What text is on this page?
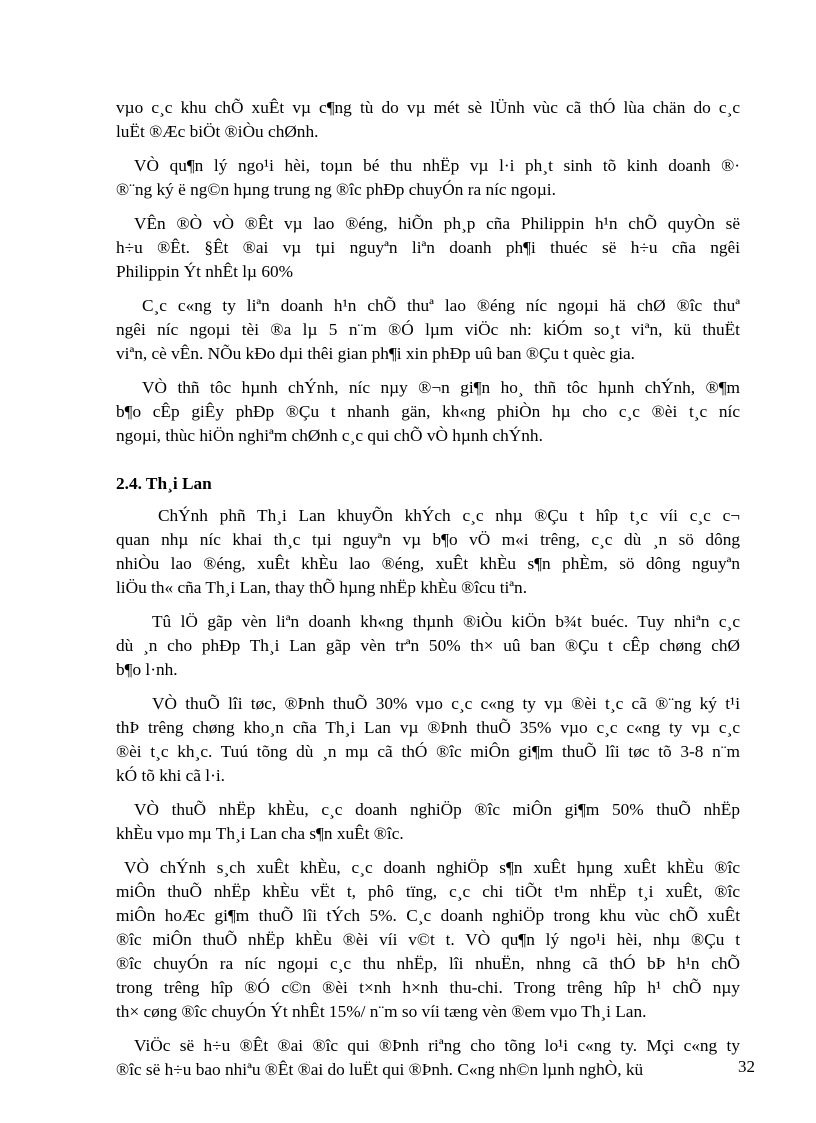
vµo c¸c khu chÕ xuÊt vµ c¶ng tù do vµ mét sè lÜnh vùc cã thÓ lùa chän do c¸c
luËt ®Æc biÖt ®iÒu chØnh.
VÒ qu¶n lý ngo¹i hèi, toµn bé thu nhËp vµ l·i ph¸t sinh tõ kinh doanh ®·
®¨ng ký ë ng©n hµng trung ng ®îc phÐp chuyÓn ra níc ngoµi.
VÊn ®Ò vÒ ®Êt vµ lao ®éng, hiÕn ph¸p cña Philippin h¹n chÕ quyÒn së
h÷u ®Êt. §Êt ®ai vµ tµi nguyªn liªn doanh ph¶i thuéc së h÷u cña ngêi
Philippin Ýt nhÊt lµ 60%
C¸c c«ng ty liªn doanh h¹n chÕ thuª lao ®éng níc ngoµi hä chØ ®îc thuª
ngêi níc ngoµi tèi ®a lµ 5 n¨m ®Ó lµm viÖc nh: kiÓm so¸t viªn, kü thuËt
viªn, cè vÊn. NÕu kÐo dµi thêi gian ph¶i xin phÐp uû ban ®Çu t quèc gia.
VÒ thñ tôc hµnh chÝnh, níc nµy ®¬n gi¶n ho¸ thñ tôc hµnh chÝnh, ®¶m
b¶o cÊp giÊy phÐp ®Çu t nhanh gän, kh«ng phiÒn hµ cho c¸c ®èi t¸c níc
ngoµi, thùc hiÖn nghiªm chØnh c¸c qui chÕ vÒ hµnh chÝnh.
2.4. Th¸i Lan
ChÝnh phñ Th¸i Lan khuyÕn khÝch c¸c nhµ ®Çu t hîp t¸c víi c¸c c¬
quan nhµ níc khai th¸c tµi nguyªn vµ b¶o vÖ m«i trêng, c¸c dù ¸n sö dông
nhiÒu lao ®éng, xuÊt khÈu lao ®éng, xuÊt khÈu s¶n phÈm, sö dông nguyªn
liÖu th« cña Th¸i Lan, thay thÕ hµng nhËp khÈu ®îcu tiªn.
Tû lÖ gãp vèn liªn doanh kh«ng thµnh ®iÒu kiÖn b¾t buéc. Tuy nhiªn c¸c
dù ¸n cho phÐp Th¸i Lan gãp vèn trªn 50% th× uû ban ®Çu t cÊp chøng chØ
b¶o l·nh.
VÒ thuÕ lîi tøc, ®Þnh thuÕ 30% vµo c¸c c«ng ty vµ ®èi t¸c cã ®¨ng ký t¹i
thÞ trêng chøng kho¸n cña Th¸i Lan vµ ®Þnh thuÕ 35% vµo c¸c c«ng ty vµ c¸c
®èi t¸c kh¸c. Tuú tõng dù ¸n mµ cã thÓ ®îc miÔn gi¶m thuÕ lîi tøc tõ 3-8 n¨m
kÓ tõ khi cã l·i.
VÒ thuÕ nhËp khÈu, c¸c doanh nghiÖp ®îc miÔn gi¶m 50% thuÕ nhËp
khÈu vµo mµ Th¸i Lan cha s¶n xuÊt ®îc.
VÒ chÝnh s¸ch xuÊt khÈu, c¸c doanh nghiÖp s¶n xuÊt hµng xuÊt khÈu ®îc
miÔn thuÕ nhËp khÈu vËt t, phô tïng, c¸c chi tiÕt t¹m nhËp t¸i xuÊt, ®îc
miÔn hoÆc gi¶m thuÕ lîi tÝch 5%. C¸c doanh nghiÖp trong khu vùc chÕ xuÊt
®îc miÔn thuÕ nhËp khÈu ®èi víi v©t t. VÒ qu¶n lý ngo¹i hèi, nhµ ®Çu t
®îc chuyÓn ra níc ngoµi c¸c thu nhËp, lîi nhuËn, nhng cã thÓ bÞ h¹n chÕ
trong trêng hîp ®Ó c©n ®èi t×nh h×nh thu-chi. Trong trêng hîp h¹ chÕ nµy
th× cøng ®îc chuyÓn Ýt nhÊt 15%/ n¨m so víi tæng vèn ®em vµo Th¸i Lan.
ViÖc së h÷u ®Êt ®ai ®îc qui ®Þnh riªng cho tõng lo¹i c«ng ty. Mçi c«ng ty
®îc së h÷u bao nhiªu ®Êt ®ai do luËt qui ®Þnh. C«ng nh©n lµnh nghÒ, kü	32
